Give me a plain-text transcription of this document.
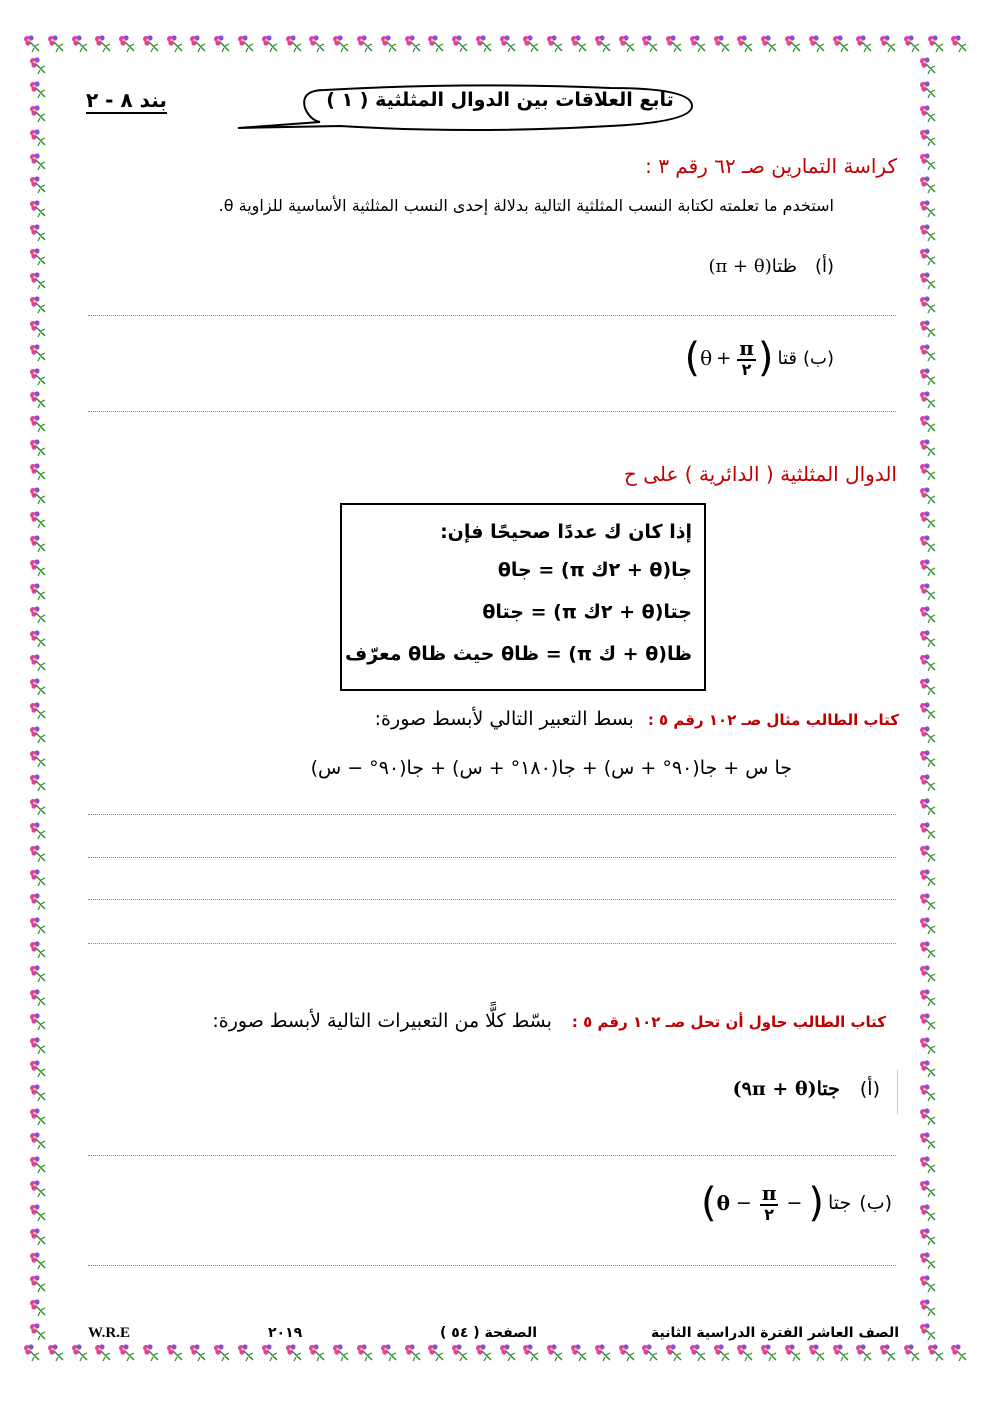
بند ٨ - ٢	تابع العلاقات بين الدوال المثلثية ( ١ )
كراسة التمارين صـ ٦٢ رقم ٣ :
استخدم ما تعلمته لكتابة النسب المثلثية التالية بدلالة إحدى النسب المثلثية الأساسية للزاوية θ.
(أ)
ظتا(π + θ)
(ب)
( $\theta + \frac{\pi}{٢}$ ) قتا
الدوال المثلثية ( الدائرية ) على ح
إذا كان ك عددًا صحيحًا فإن:
جا(θ + ٢ك π) = جاθ
جتا(θ + ٢ك π) = جتاθ
ظا(θ + ك π) = ظاθ حيث ظاθ معرّف
كتاب الطالب مثال صـ ١٠٢ رقم ٥ :
بسط التعبير التالي لأبسط صورة:
جا س + جا(٩٠° + س) + جا(١٨٠° + س) + جا(٩٠° − س)
كتاب الطالب حاول أن تحل صـ ١٠٢ رقم ٥ :
بسّط كلًّا من التعبيرات التالية لأبسط صورة:
(أ)
جتا(θ + ٩π)
(ب)
( $\theta - \frac{\pi}{٢}$ − ) جتا
الصف العاشر الفترة الدراسية الثانية
الصفحة ( ٥٤ )
٢٠١٩
W.R.E
